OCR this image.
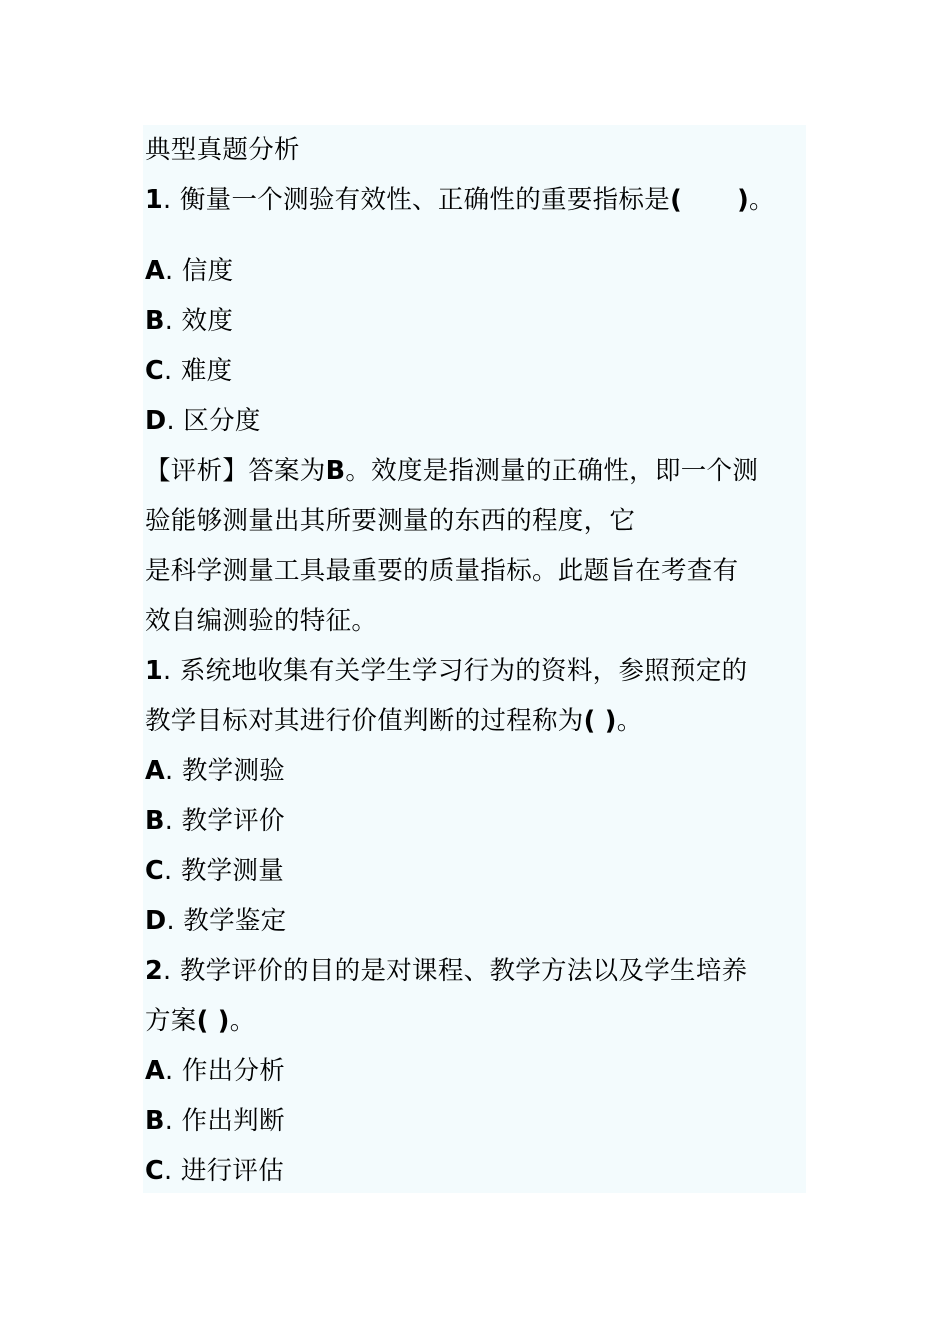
典型真题分析
1. 衡量一个测验有效性、正确性的重要指标是(      )。
A. 信度
B. 效度
C. 难度
D. 区分度
【评析】答案为B。效度是指测量的正确性，即一个测
验能够测量出其所要测量的东西的程度，它
是科学测量工具最重要的质量指标。此题旨在考查有
效自编测验的特征。
1. 系统地收集有关学生学习行为的资料，参照预定的
教学目标对其进行价值判断的过程称为( )。
A. 教学测验
B. 教学评价
C. 教学测量
D. 教学鉴定
2. 教学评价的目的是对课程、教学方法以及学生培养
方案( )。
A. 作出分析
B. 作出判断
C. 进行评估
